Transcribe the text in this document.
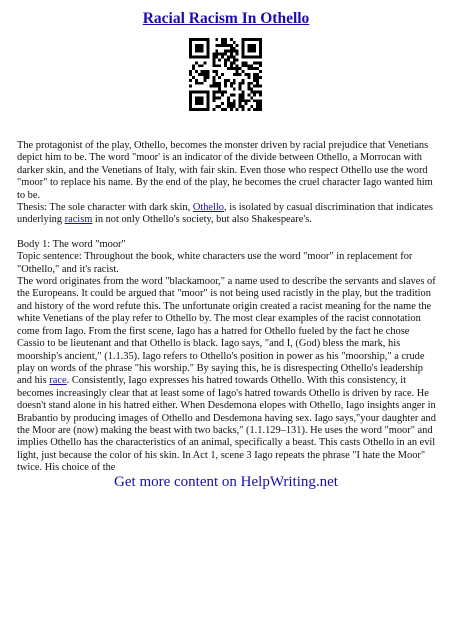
Racial Racism In Othello

The protagonist of the play, Othello, becomes the monster driven by racial prejudice that Venetians depict him to be. The word "moor' is an indicator of the divide between Othello, a Morrocan with darker skin, and the Venetians of Italy, with fair skin. Even those who respect Othello use the word "moor" to replace his name. By the end of the play, he becomes the cruel character Iago wanted him to be.

Thesis: The sole character with dark skin, Othello, is isolated by casual discrimination that indicates underlying racism in not only Othello's society, but also Shakespeare's.

Body 1: The word "moor"

Topic sentence: Throughout the book, white characters use the word "moor" in replacement for "Othello," and it's racist.

The word originates from the word "blackamoor," a name used to describe the servants and slaves of the Europeans. It could be argued that "moor" is not being used racistly in the play, but the tradition and history of the word refute this. The unfortunate origin created a racist meaning for the name the white Venetians of the play refer to Othello by. The most clear examples of the racist connotation come from Iago. From the first scene, Iago has a hatred for Othello fueled by the fact he chose Cassio to be lieutenant and that Othello is black. Iago says, "and I, (God) bless the mark, his moorship's ancient," (1.1.35). Iago refers to Othello's position in power as his "moorship," a crude play on words of the phrase "his worship." By saying this, he is disrespecting Othello's leadership and his race. Consistently, Iago expresses his hatred towards Othello. With this consistency, it becomes increasingly clear that at least some of Iago's hatred towards Othello is driven by race. He doesn't stand alone in his hatred either. When Desdemona elopes with Othello, Iago insights anger in Brabantio by producing images of Othello and Desdemona having sex. Iago says,"your daughter and the Moor are (now) making the beast with two backs," (1.1.129–131). He uses the word "moor" and implies Othello has the characteristics of an animal, specifically a beast. This casts Othello in an evil light, just because the color of his skin. In Act 1, scene 3 Iago repeats the phrase "I hate the Moor" twice. His choice of the

Get more content on HelpWriting.net
